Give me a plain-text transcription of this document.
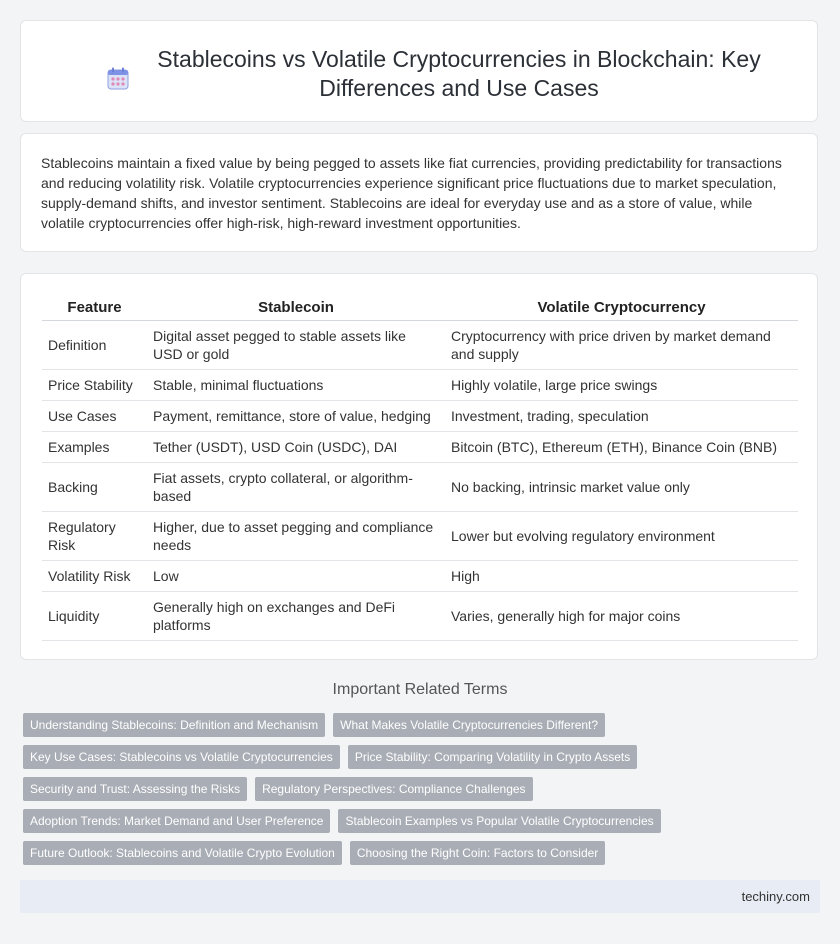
Stablecoins vs Volatile Cryptocurrencies in Blockchain: Key Differences and Use Cases

Stablecoins maintain a fixed value by being pegged to assets like fiat currencies, providing predictability for transactions and reducing volatility risk. Volatile cryptocurrencies experience significant price fluctuations due to market speculation, supply-demand shifts, and investor sentiment. Stablecoins are ideal for everyday use and as a store of value, while volatile cryptocurrencies offer high-risk, high-reward investment opportunities.

Feature	Stablecoin	Volatile Cryptocurrency
Definition	Digital asset pegged to stable assets like USD or gold	Cryptocurrency with price driven by market demand and supply
Price Stability	Stable, minimal fluctuations	Highly volatile, large price swings
Use Cases	Payment, remittance, store of value, hedging	Investment, trading, speculation
Examples	Tether (USDT), USD Coin (USDC), DAI	Bitcoin (BTC), Ethereum (ETH), Binance Coin (BNB)
Backing	Fiat assets, crypto collateral, or algorithm-based	No backing, intrinsic market value only
Regulatory Risk	Higher, due to asset pegging and compliance needs	Lower but evolving regulatory environment
Volatility Risk	Low	High
Liquidity	Generally high on exchanges and DeFi platforms	Varies, generally high for major coins
Important Related Terms
Understanding Stablecoins: Definition and Mechanism	What Makes Volatile Cryptocurrencies Different?
Key Use Cases: Stablecoins vs Volatile Cryptocurrencies	Price Stability: Comparing Volatility in Crypto Assets
Security and Trust: Assessing the Risks	Regulatory Perspectives: Compliance Challenges
Adoption Trends: Market Demand and User Preference	Stablecoin Examples vs Popular Volatile Cryptocurrencies
Future Outlook: Stablecoins and Volatile Crypto Evolution	Choosing the Right Coin: Factors to Consider
techiny.com
